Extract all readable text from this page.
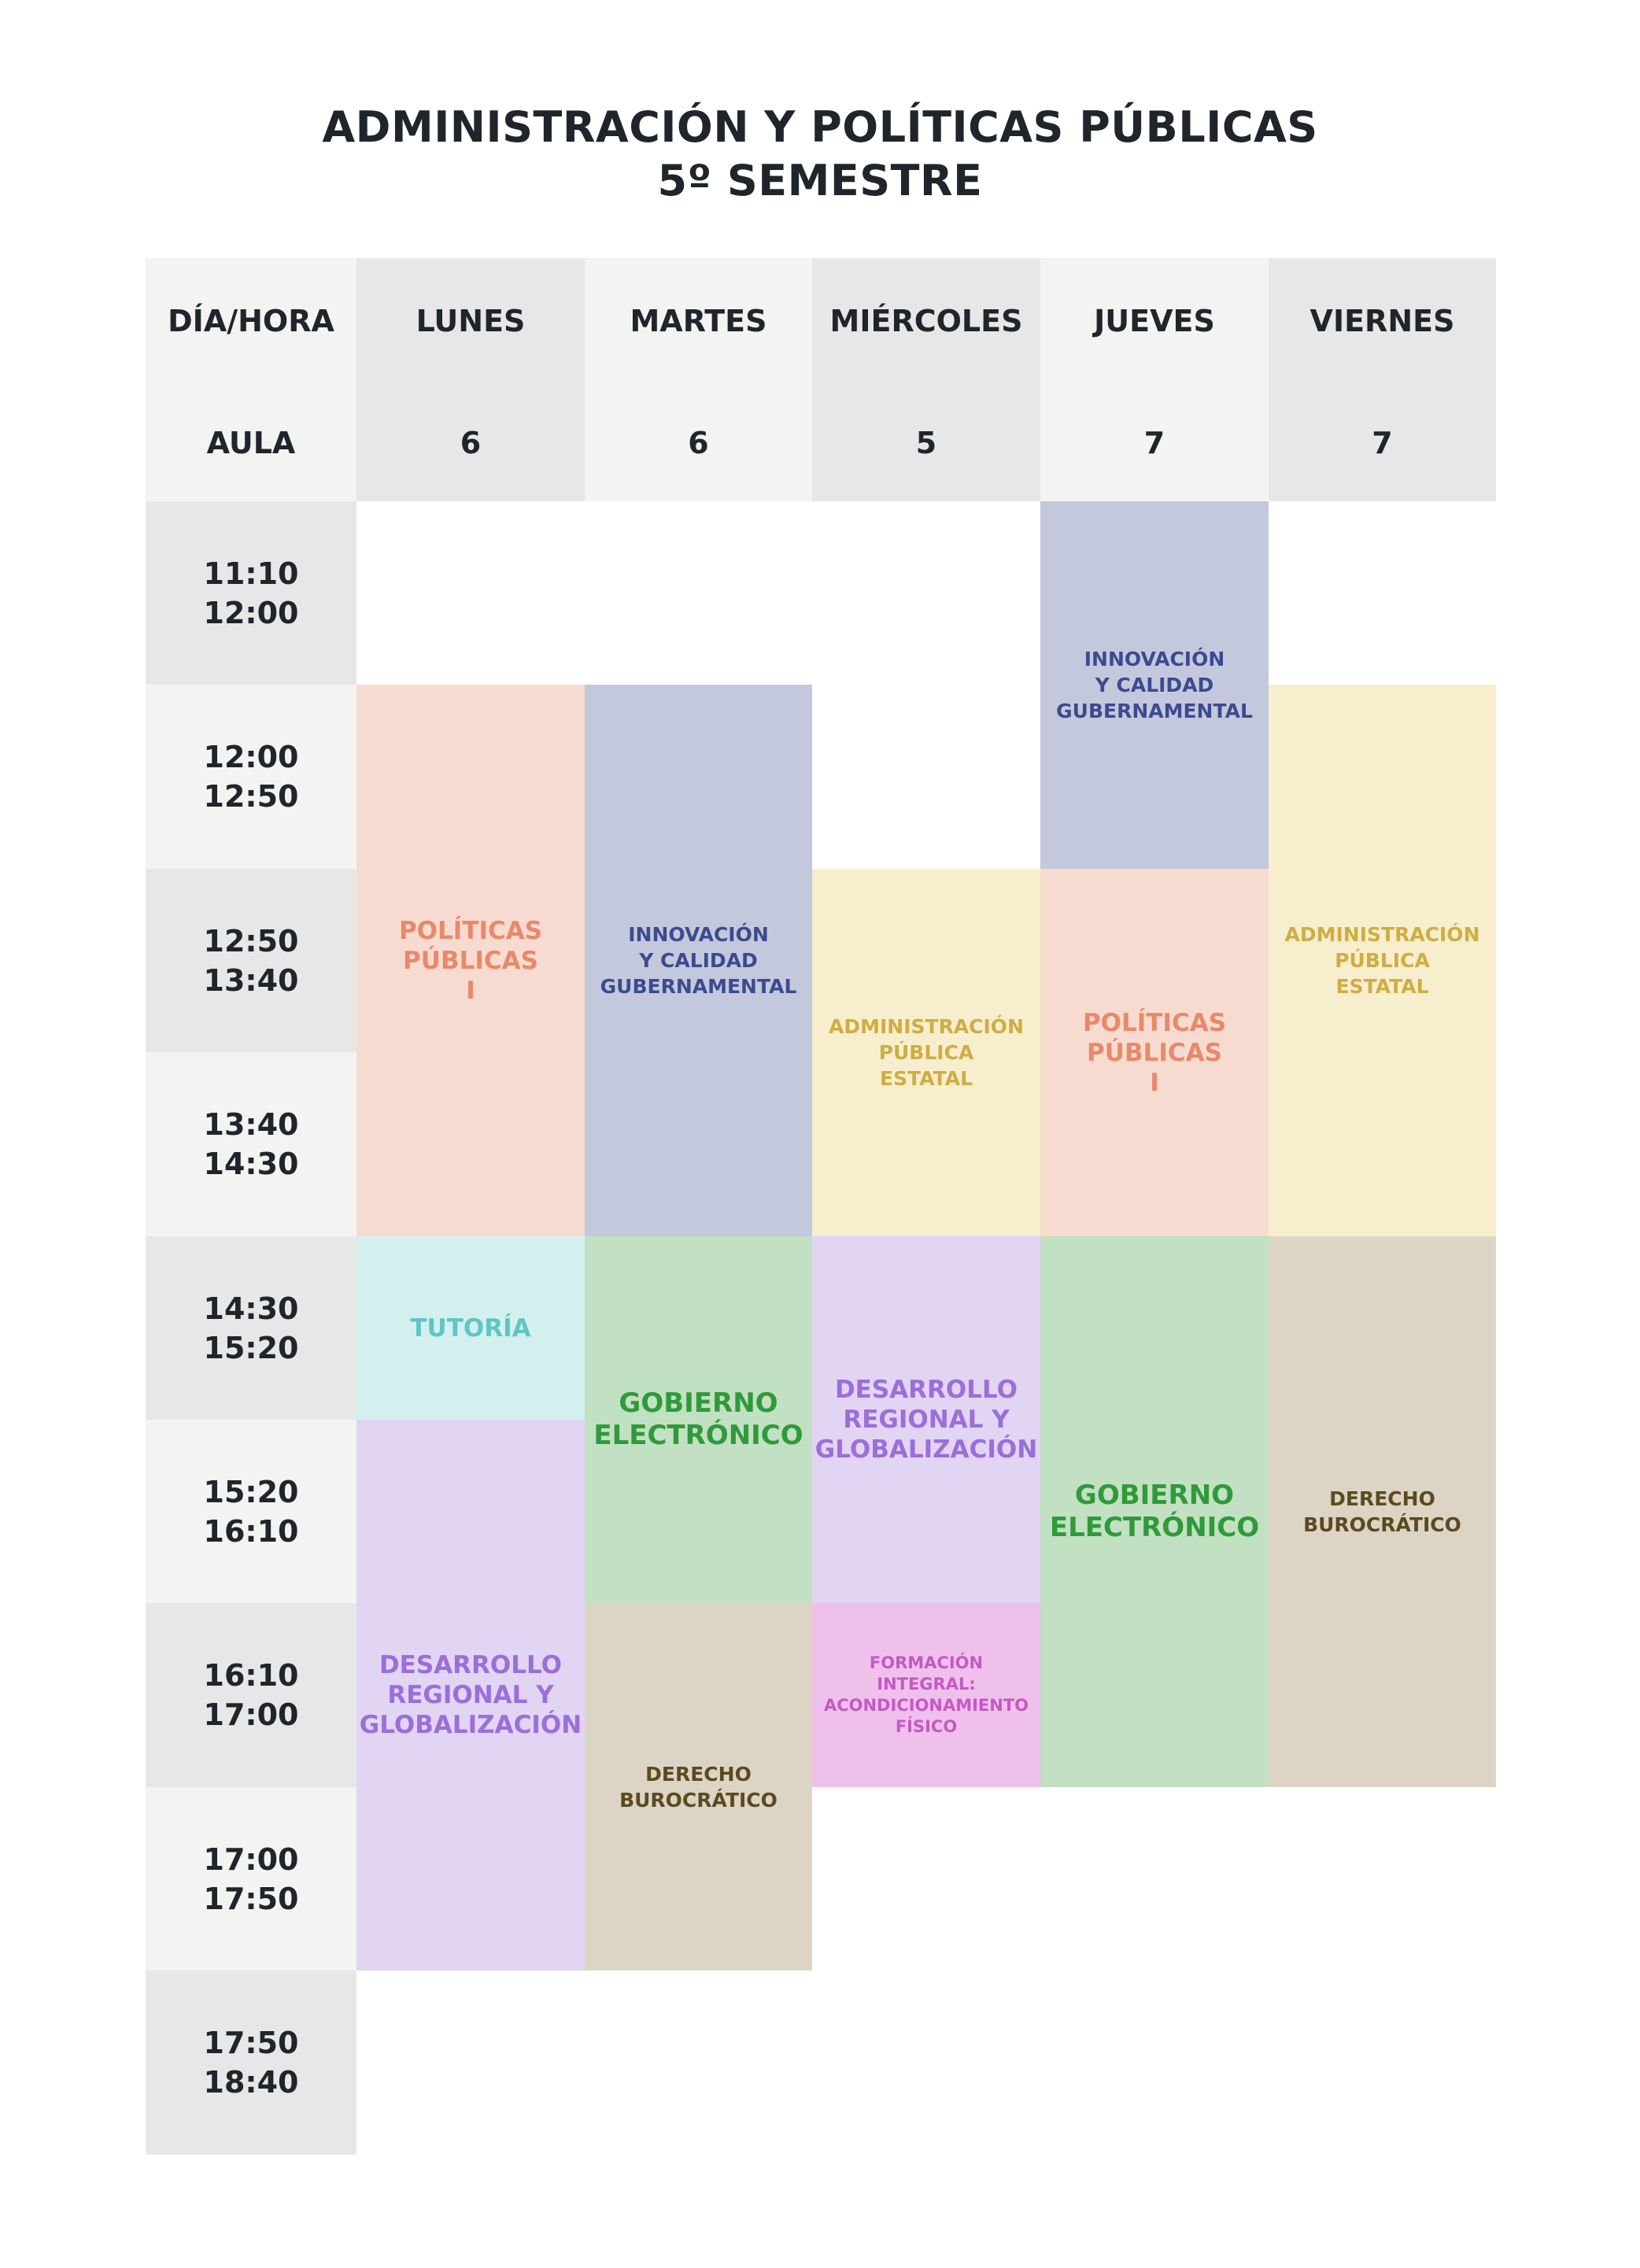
ADMINISTRACIÓN Y POLÍTICAS PÚBLICAS
5º SEMESTRE
DÍA/HORA
AULA
LUNES
6
MARTES
6
MIÉRCOLES
5
JUEVES
7
VIERNES
7
11:10
12:00
12:00
12:50
12:50
13:40
13:40
14:30
14:30
15:20
15:20
16:10
16:10
17:00
17:00
17:50
17:50
18:40
POLÍTICAS
PÚBLICAS
I
TUTORÍA
DESARROLLO
REGIONAL Y
GLOBALIZACIÓN
INNOVACIÓN
Y CALIDAD
GUBERNAMENTAL
GOBIERNO
ELECTRÓNICO
DERECHO
BUROCRÁTICO
ADMINISTRACIÓN
PÚBLICA
ESTATAL
DESARROLLO
REGIONAL Y
GLOBALIZACIÓN
FORMACIÓN
INTEGRAL:
ACONDICIONAMIENTO
FÍSICO
INNOVACIÓN
Y CALIDAD
GUBERNAMENTAL
POLÍTICAS
PÚBLICAS
I
GOBIERNO
ELECTRÓNICO
ADMINISTRACIÓN
PÚBLICA
ESTATAL
DERECHO
BUROCRÁTICO
